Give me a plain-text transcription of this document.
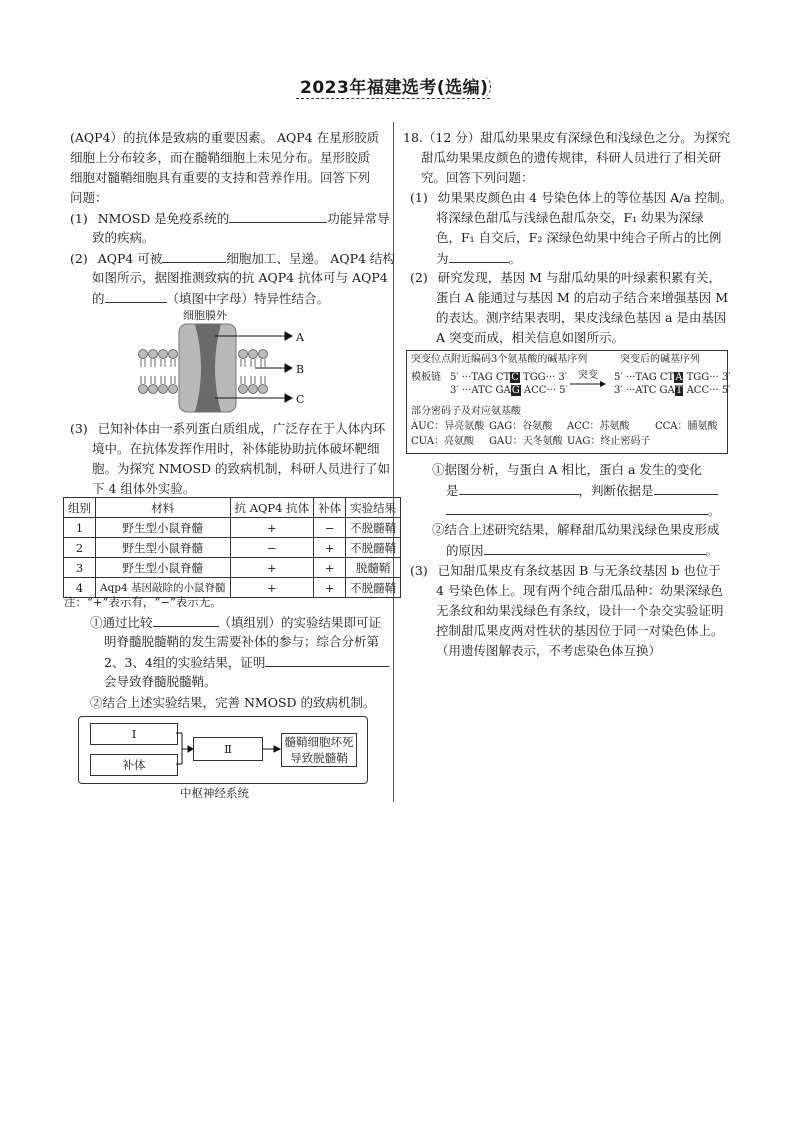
2023年福建选考(选编)
(AQP4）的抗体是致病的重要因素。 AQP4 在星形胶质
细胞上分布较多，而在髓鞘细胞上未见分布。星形胶质
细胞对髓鞘细胞具有重要的支持和营养作用。回答下列
问题：
(1) NMOSD 是免疫系统的	功能异常导
致的疾病。
(2) AQP4 可被	细胞加工、呈递。 AQP4 结构
如图所示，据图推测致病的抗 AQP4 抗体可与 AQP4
的	（填图中字母）特异性结合。
细胞膜外
A
B
C
(3) 已知补体由一系列蛋白质组成，广泛存在于人体内环
境中。在抗体发挥作用时，补体能协助抗体破坏靶细
胞。为探究 NMOSD 的致病机制，科研人员进行了如
下 4 组体外实验。
组别	材料	抗 AQP4 抗体	补体	实验结果
1	野生型小鼠脊髓	+	−	不脱髓鞘
2	野生型小鼠脊髓	−	+	不脱髓鞘
3	野生型小鼠脊髓	+	+	脱髓鞘
4	Aqp4 基因敲除的小鼠脊髓	+	+	不脱髓鞘
注：“+”表示有，“−”表示无。
①通过比较	（填组别）的实验结果即可证
明脊髓脱髓鞘的发生需要补体的参与；综合分析第
2、3、4组的实验结果，证明
会导致脊髓脱髓鞘。
②结合上述实验结果，完善 NMOSD 的致病机制。
Ⅰ
补体
Ⅱ	髓鞘细胞坏死
导致脱髓鞘
中枢神经系统
18.（12 分）甜瓜幼果果皮有深绿色和浅绿色之分。为探究
甜瓜幼果果皮颜色的遗传规律，科研人员进行了相关研
究。回答下列问题：
(1) 幼果果皮颜色由 4 号染色体上的等位基因 A/a 控制。
将深绿色甜瓜与浅绿色甜瓜杂交，F₁ 幼果为深绿
色，F₁ 自交后，F₂ 深绿色幼果中纯合子所占的比例
为	。
(2) 研究发现，基因 M 与甜瓜幼果的叶绿素积累有关，
蛋白 A 能通过与基因 M 的启动子结合来增强基因 M
的表达。测序结果表明，果皮浅绿色基因 a 是由基因
A 突变而成，相关信息如图所示。
突变位点附近编码3个氨基酸的碱基序列	突变后的碱基序列
模板链 5′ ···TAG CTC TGG··· 3′
3′ ···ATC GAG ACC··· 5′
突变 5′ ···TAG CTA TGG··· 3′
3′ ···ATC GAT ACC··· 5′
部分密码子及对应氨基酸
AUC：异亮氨酸 GAG：谷氨酸 ACC：苏氨酸	CCA：脯氨酸
CUA：亮氨酸 GAU：天冬氨酸 UAG：终止密码子
①据图分析，与蛋白 A 相比，蛋白 a 发生的变化
是	，判断依据是
。
②结合上述研究结果，解释甜瓜幼果浅绿色果皮形成
的原因	。
(3) 已知甜瓜果皮有条纹基因 B 与无条纹基因 b 也位于
4 号染色体上。现有两个纯合甜瓜品种：幼果深绿色
无条纹和幼果浅绿色有条纹，设计一个杂交实验证明
控制甜瓜果皮两对性状的基因位于同一对染色体上。
（用遗传图解表示，不考虑染色体互换）
